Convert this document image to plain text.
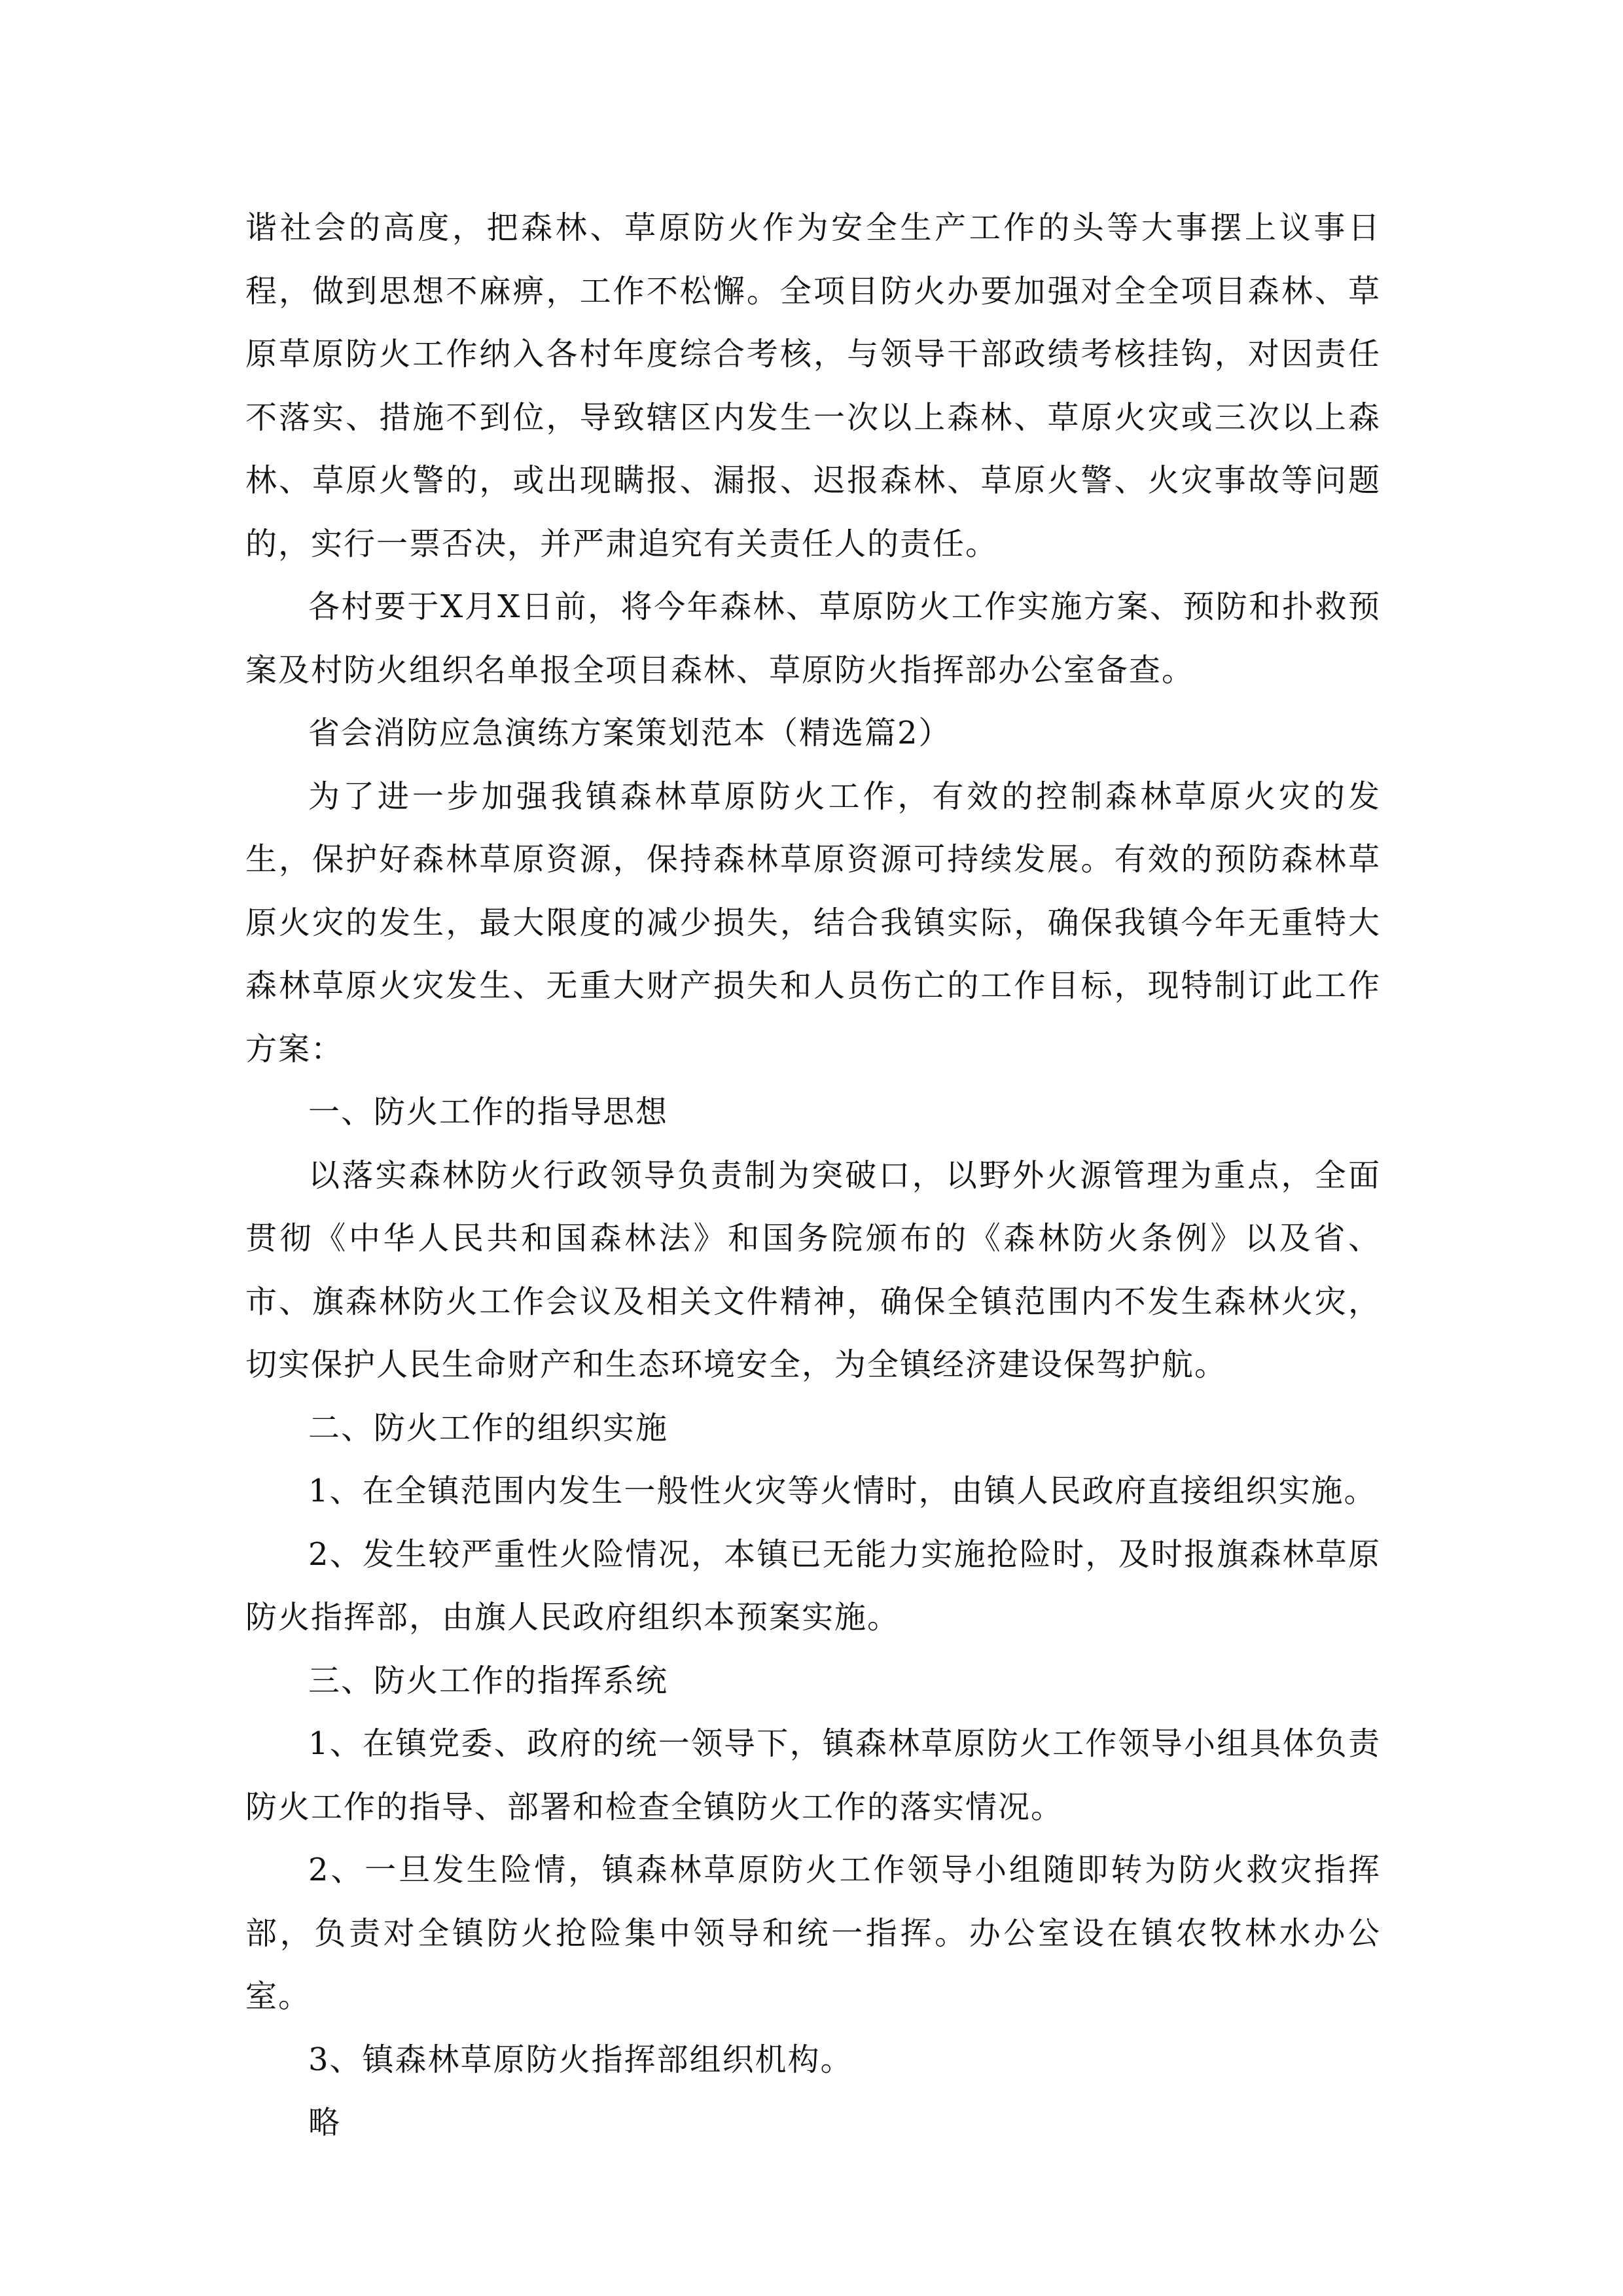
谐社会的高度，把森林、草原防火作为安全生产工作的头等大事摆上议事日程，做到思想不麻痹，工作不松懈。全项目防火办要加强对全全项目森林、草原草原防火工作纳入各村年度综合考核，与领导干部政绩考核挂钩，对因责任不落实、措施不到位，导致辖区内发生一次以上森林、草原火灾或三次以上森林、草原火警的，或出现瞒报、漏报、迟报森林、草原火警、火灾事故等问题的，实行一票否决，并严肃追究有关责任人的责任。

各村要于X月X日前，将今年森林、草原防火工作实施方案、预防和扑救预案及村防火组织名单报全项目森林、草原防火指挥部办公室备查。

省会消防应急演练方案策划范本（精选篇2）

为了进一步加强我镇森林草原防火工作，有效的控制森林草原火灾的发生，保护好森林草原资源，保持森林草原资源可持续发展。有效的预防森林草原火灾的发生，最大限度的减少损失，结合我镇实际，确保我镇今年无重特大森林草原火灾发生、无重大财产损失和人员伤亡的工作目标，现特制订此工作方案：

一、防火工作的指导思想

以落实森林防火行政领导负责制为突破口，以野外火源管理为重点，全面贯彻《中华人民共和国森林法》和国务院颁布的《森林防火条例》以及省、市、旗森林防火工作会议及相关文件精神，确保全镇范围内不发生森林火灾，切实保护人民生命财产和生态环境安全，为全镇经济建设保驾护航。

二、防火工作的组织实施

1、在全镇范围内发生一般性火灾等火情时，由镇人民政府直接组织实施。

2、发生较严重性火险情况，本镇已无能力实施抢险时，及时报旗森林草原防火指挥部，由旗人民政府组织本预案实施。

三、防火工作的指挥系统

1、在镇党委、政府的统一领导下，镇森林草原防火工作领导小组具体负责防火工作的指导、部署和检查全镇防火工作的落实情况。

2、一旦发生险情，镇森林草原防火工作领导小组随即转为防火救灾指挥部，负责对全镇防火抢险集中领导和统一指挥。办公室设在镇农牧林水办公室。

3、镇森林草原防火指挥部组织机构。

略
